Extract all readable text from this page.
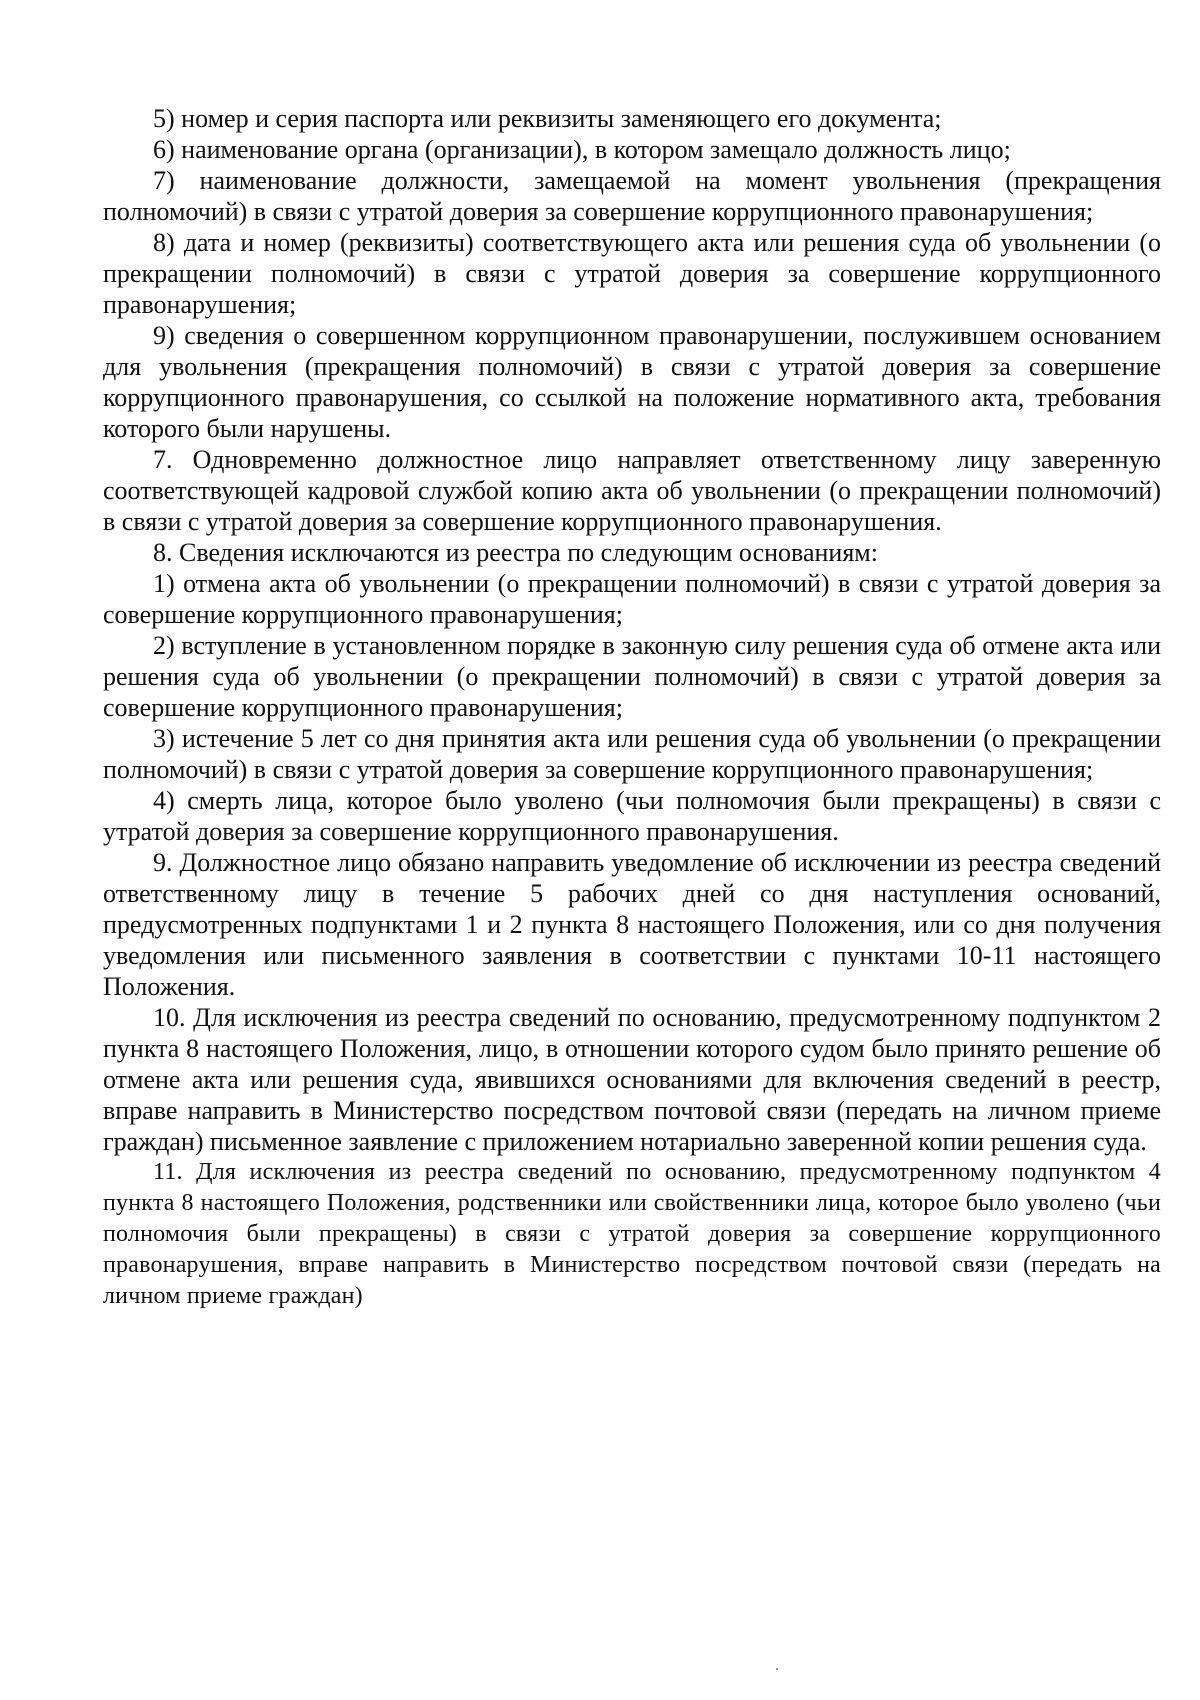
5) номер и серия паспорта или реквизиты заменяющего его документа;

6) наименование органа (организации), в котором замещало должность лицо;

7) наименование должности, замещаемой на момент увольнения (прекращения полномочий) в связи с утратой доверия за совершение коррупционного правонарушения;

8) дата и номер (реквизиты) соответствующего акта или решения суда об увольнении (о прекращении полномочий) в связи с утратой доверия за совершение коррупционного правонарушения;

9) сведения о совершенном коррупционном правонарушении, послужившем основанием для увольнения (прекращения полномочий) в связи с утратой доверия за совершение коррупционного правонарушения, со ссылкой на положение нормативного акта, требования которого были нарушены.

7. Одновременно должностное лицо направляет ответственному лицу заверенную соответствующей кадровой службой копию акта об увольнении (о прекращении полномочий) в связи с утратой доверия за совершение коррупционного правонарушения.

8. Сведения исключаются из реестра по следующим основаниям:

1) отмена акта об увольнении (о прекращении полномочий) в связи с утратой доверия за совершение коррупционного правонарушения;

2) вступление в установленном порядке в законную силу решения суда об отмене акта или решения суда об увольнении (о прекращении полномочий) в связи с утратой доверия за совершение коррупционного правонарушения;

3) истечение 5 лет со дня принятия акта или решения суда об увольнении (о прекращении полномочий) в связи с утратой доверия за совершение коррупционного правонарушения;

4) смерть лица, которое было уволено (чьи полномочия были прекращены) в связи с утратой доверия за совершение коррупционного правонарушения.

9. Должностное лицо обязано направить уведомление об исключении из реестра сведений ответственному лицу в течение 5 рабочих дней со дня наступления оснований, предусмотренных подпунктами 1 и 2 пункта 8 настоящего Положения, или со дня получения уведомления или письменного заявления в соответствии с пунктами 10-11 настоящего Положения.

10. Для исключения из реестра сведений по основанию, предусмотренному подпунктом 2 пункта 8 настоящего Положения, лицо, в отношении которого судом было принято решение об отмене акта или решения суда, явившихся основаниями для включения сведений в реестр, вправе направить в Министерство посредством почтовой связи (передать на личном приеме граждан) письменное заявление с приложением нотариально заверенной копии решения суда.

11. Для исключения из реестра сведений по основанию, предусмотренному подпунктом 4 пункта 8 настоящего Положения, родственники или свойственники лица, которое было уволено (чьи полномочия были прекращены) в связи с утратой доверия за совершение коррупционного правонарушения, вправе направить в Министерство посредством почтовой связи (передать на личном приеме граждан)
